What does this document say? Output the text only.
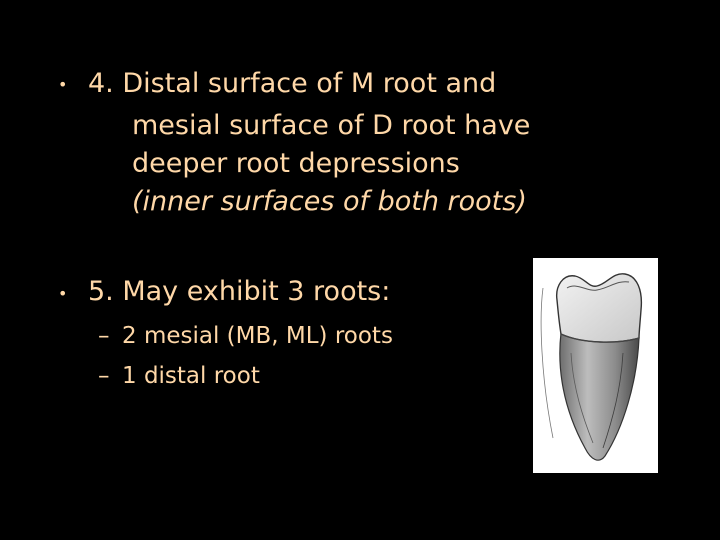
• 4. Distal surface of M root and
mesial surface of D root have
deeper root depressions
(inner surfaces of both roots)
• 5. May exhibit 3 roots:
– 2 mesial (MB, ML) roots
– 1 distal root
